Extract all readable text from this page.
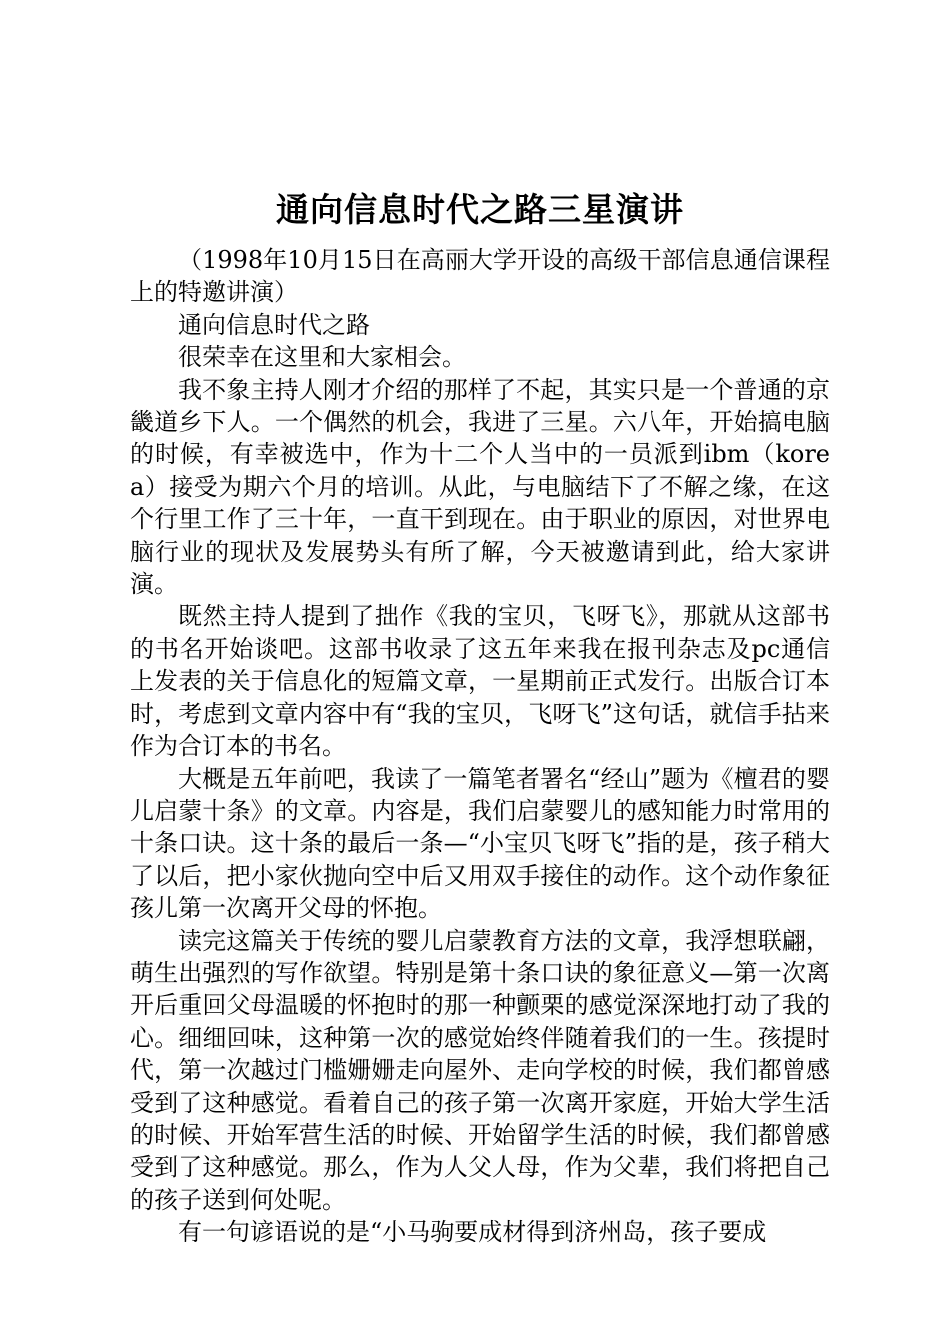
通向信息时代之路三星演讲

（1998年10月15日在高丽大学开设的高级干部信息通信课程上的特邀讲演）

通向信息时代之路

很荣幸在这里和大家相会。

我不象主持人刚才介绍的那样了不起，其实只是一个普通的京畿道乡下人。一个偶然的机会，我进了三星。六八年，开始搞电脑的时候，有幸被选中，作为十二个人当中的一员派到ibm（korea）接受为期六个月的培训。从此，与电脑结下了不解之缘，在这个行里工作了三十年，一直干到现在。由于职业的原因，对世界电脑行业的现状及发展势头有所了解，今天被邀请到此，给大家讲演。

既然主持人提到了拙作《我的宝贝，飞呀飞》，那就从这部书的书名开始谈吧。这部书收录了这五年来我在报刊杂志及pc通信上发表的关于信息化的短篇文章，一星期前正式发行。出版合订本时，考虑到文章内容中有“我的宝贝，飞呀飞”这句话，就信手拈来作为合订本的书名。

大概是五年前吧，我读了一篇笔者署名“经山”题为《檀君的婴儿启蒙十条》的文章。内容是，我们启蒙婴儿的感知能力时常用的十条口诀。这十条的最后一条—“小宝贝飞呀飞”指的是，孩子稍大了以后，把小家伙抛向空中后又用双手接住的动作。这个动作象征孩儿第一次离开父母的怀抱。

读完这篇关于传统的婴儿启蒙教育方法的文章，我浮想联翩，萌生出强烈的写作欲望。特别是第十条口诀的象征意义—第一次离开后重回父母温暖的怀抱时的那一种颤栗的感觉深深地打动了我的心。细细回味，这种第一次的感觉始终伴随着我们的一生。孩提时代，第一次越过门槛姗姗走向屋外、走向学校的时候，我们都曾感受到了这种感觉。看着自己的孩子第一次离开家庭，开始大学生活的时候、开始军营生活的时候、开始留学生活的时候，我们都曾感受到了这种感觉。那么，作为人父人母，作为父辈，我们将把自己的孩子送到何处呢。

有一句谚语说的是“小马驹要成材得到济州岛，孩子要成
